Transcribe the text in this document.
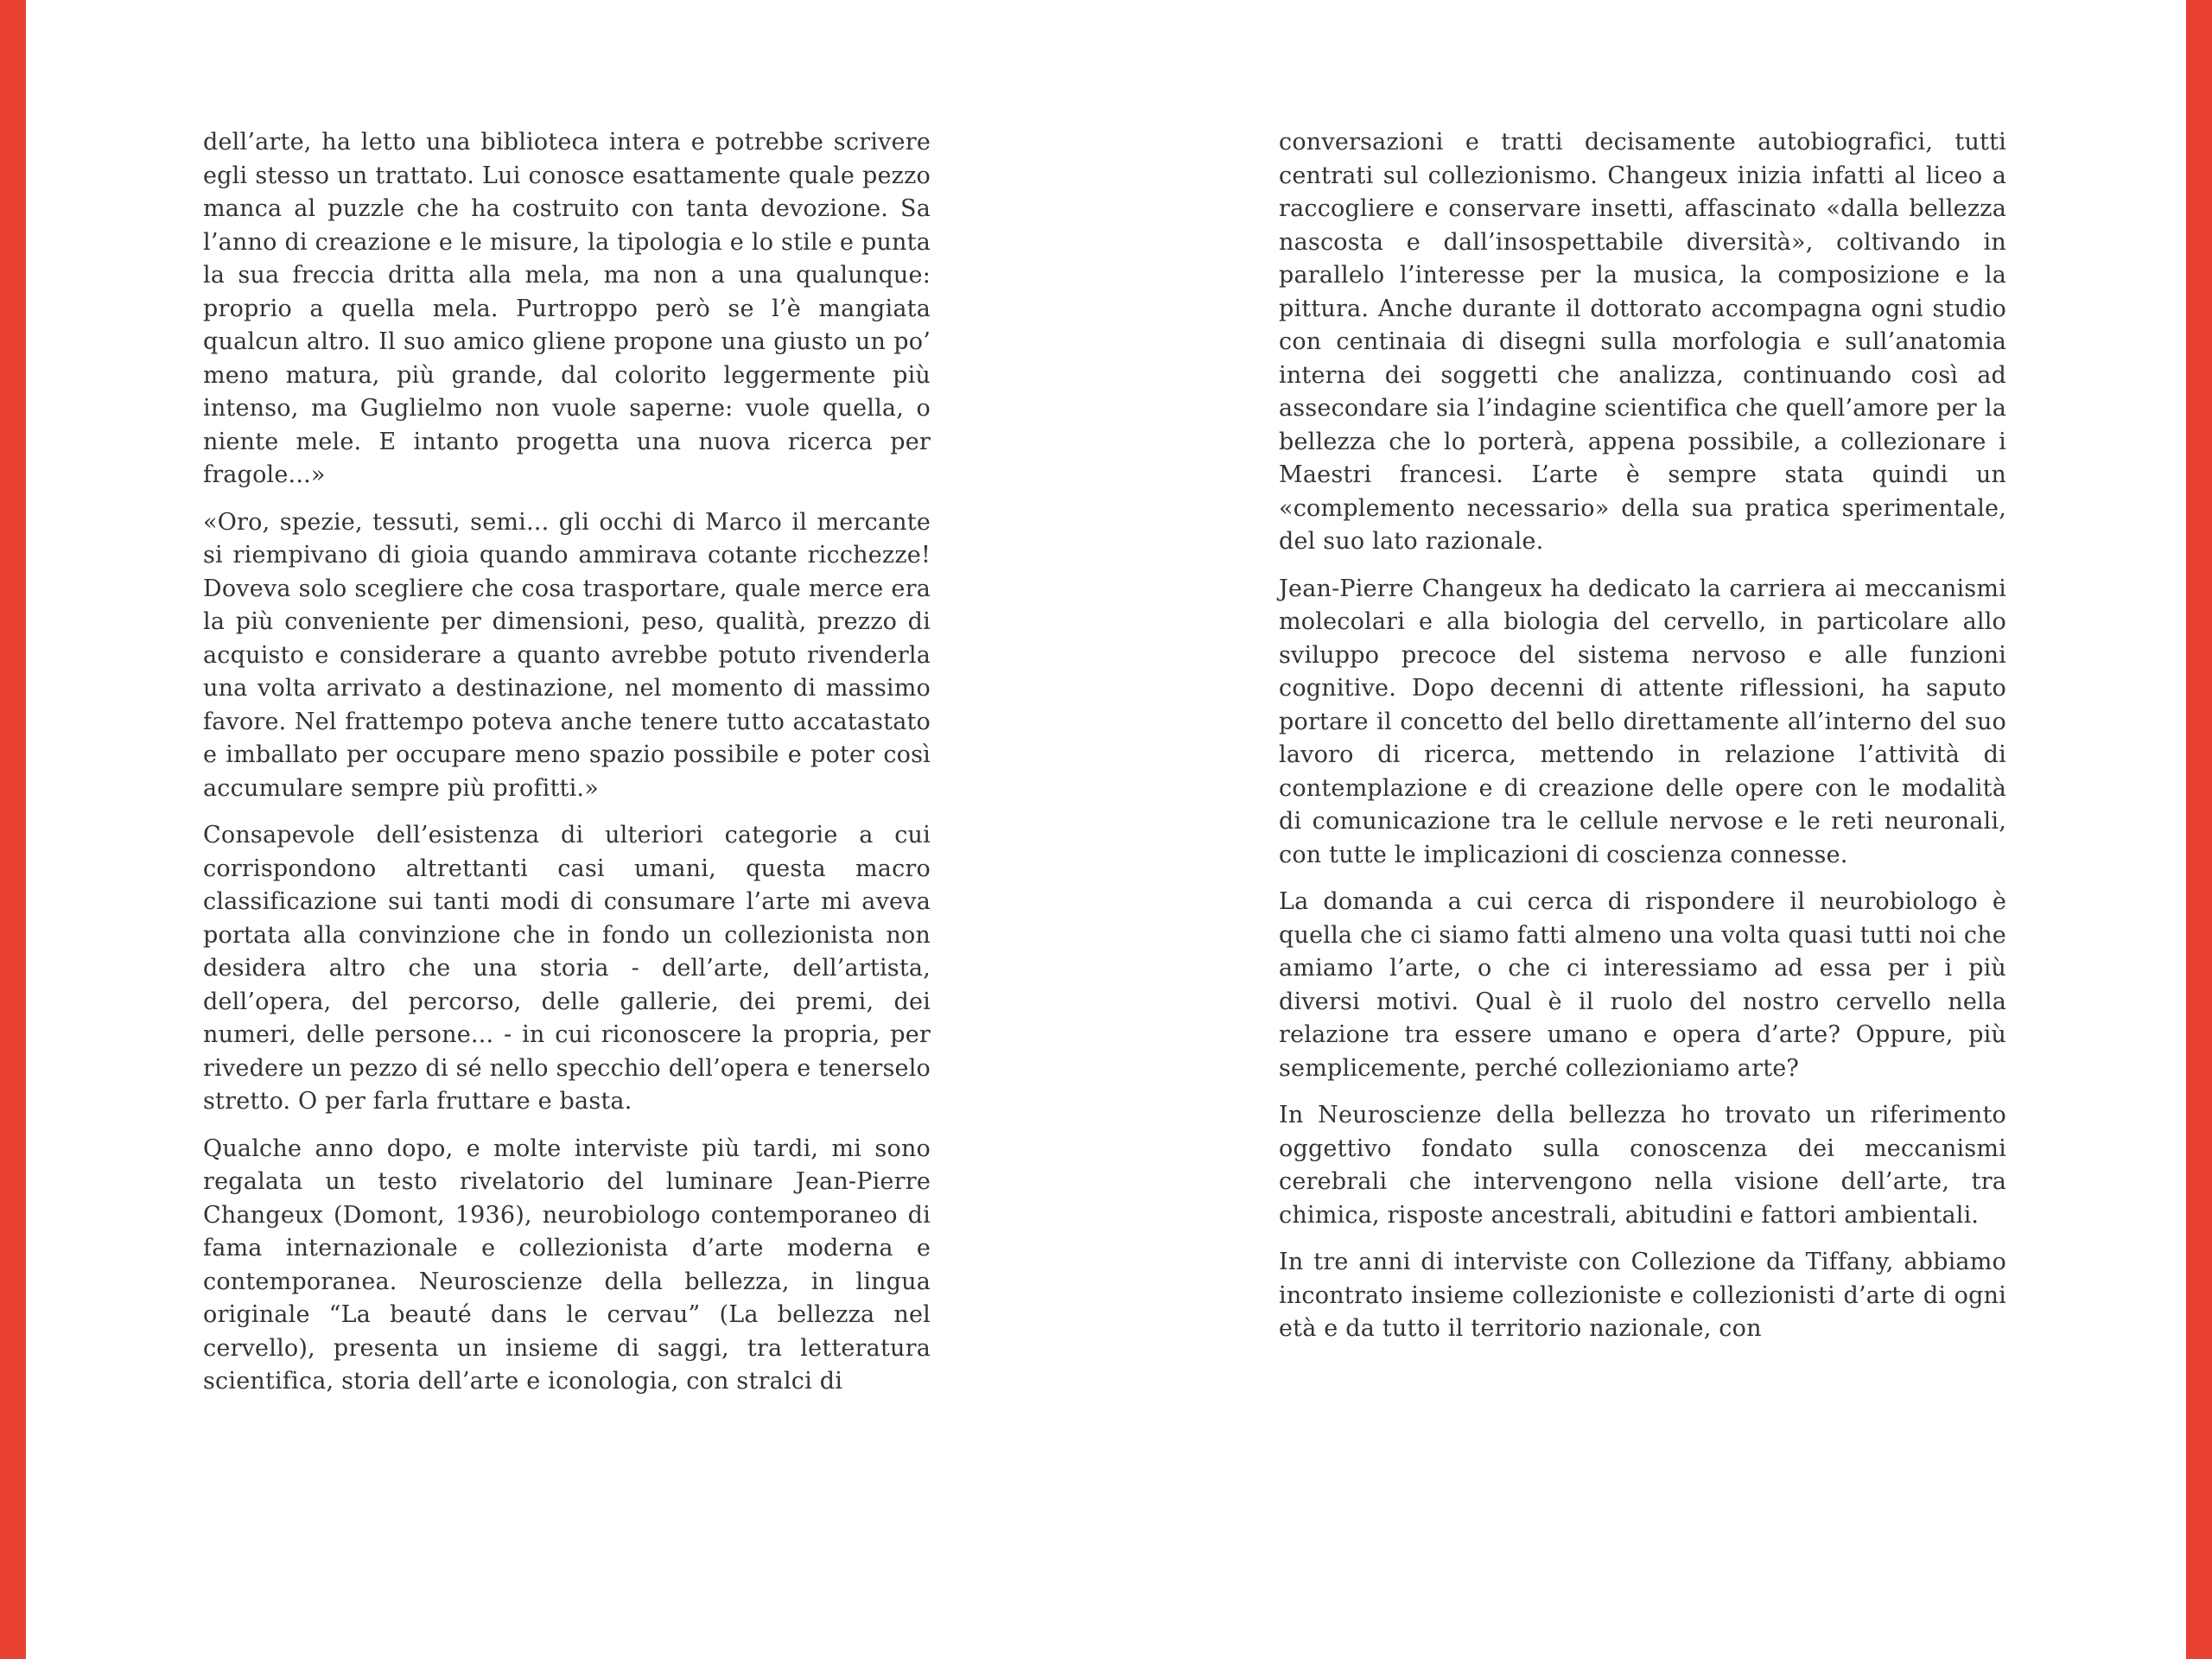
dell’arte, ha letto una biblioteca intera e potrebbe scrivere egli stesso un trattato. Lui conosce esattamente quale pezzo manca al puzzle che ha costruito con tanta devozione. Sa l’anno di creazione e le misure, la tipologia e lo stile e punta la sua freccia dritta alla mela, ma non a una qualunque: proprio a quella mela. Purtroppo però se l’è mangiata qualcun altro. Il suo amico gliene propone una giusto un po’ meno matura, più grande, dal colorito leggermente più intenso, ma Guglielmo non vuole saperne: vuole quella, o niente mele. E intanto progetta una nuova ricerca per fragole...»

«Oro, spezie, tessuti, semi... gli occhi di Marco il mercante si riempivano di gioia quando ammirava cotante ricchezze! Doveva solo scegliere che cosa trasportare, quale merce era la più conveniente per dimensioni, peso, qualità, prezzo di acquisto e considerare a quanto avrebbe potuto rivenderla una volta arrivato a destinazione, nel momento di massimo favore. Nel frattempo poteva anche tenere tutto accatastato e imballato per occupare meno spazio possibile e poter così accumulare sempre più profitti.»

Consapevole dell’esistenza di ulteriori categorie a cui corrispondono altrettanti casi umani, questa macro classificazione sui tanti modi di consumare l’arte mi aveva portata alla convinzione che in fondo un collezionista non desidera altro che una storia - dell’arte, dell’artista, dell’opera, del percorso, delle gallerie, dei premi, dei numeri, delle persone... - in cui riconoscere la propria, per rivedere un pezzo di sé nello specchio dell’opera e tenerselo stretto. O per farla fruttare e basta.

Qualche anno dopo, e molte interviste più tardi, mi sono regalata un testo rivelatorio del luminare Jean-Pierre Changeux (Domont, 1936), neurobiologo contemporaneo di fama internazionale e collezionista d’arte moderna e contemporanea. Neuroscienze della bellezza, in lingua originale “La beauté dans le cervau” (La bellezza nel cervello), presenta un insieme di saggi, tra letteratura scientifica, storia dell’arte e iconologia, con stralci di

conversazioni e tratti decisamente autobiografici, tutti centrati sul collezionismo. Changeux inizia infatti al liceo a raccogliere e conservare insetti, affascinato «dalla bellezza nascosta e dall’insospettabile diversità», coltivando in parallelo l’interesse per la musica, la composizione e la pittura. Anche durante il dottorato accompagna ogni studio con centinaia di disegni sulla morfologia e sull’anatomia interna dei soggetti che analizza, continuando così ad assecondare sia l’indagine scientifica che quell’amore per la bellezza che lo porterà, appena possibile, a collezionare i Maestri francesi. L’arte è sempre stata quindi un «complemento necessario» della sua pratica sperimentale, del suo lato razionale.

Jean-Pierre Changeux ha dedicato la carriera ai meccanismi molecolari e alla biologia del cervello, in particolare allo sviluppo precoce del sistema nervoso e alle funzioni cognitive. Dopo decenni di attente riflessioni, ha saputo portare il concetto del bello direttamente all’interno del suo lavoro di ricerca, mettendo in relazione l’attività di contemplazione e di creazione delle opere con le modalità di comunicazione tra le cellule nervose e le reti neuronali, con tutte le implicazioni di coscienza connesse.

La domanda a cui cerca di rispondere il neurobiologo è quella che ci siamo fatti almeno una volta quasi tutti noi che amiamo l’arte, o che ci interessiamo ad essa per i più diversi motivi. Qual è il ruolo del nostro cervello nella relazione tra essere umano e opera d’arte? Oppure, più semplicemente, perché collezioniamo arte?

In Neuroscienze della bellezza ho trovato un riferimento oggettivo fondato sulla conoscenza dei meccanismi cerebrali che intervengono nella visione dell’arte, tra chimica, risposte ancestrali, abitudini e fattori ambientali.

In tre anni di interviste con Collezione da Tiffany, abbiamo incontrato insieme collezioniste e collezionisti d’arte di ogni età e da tutto il territorio nazionale, con
